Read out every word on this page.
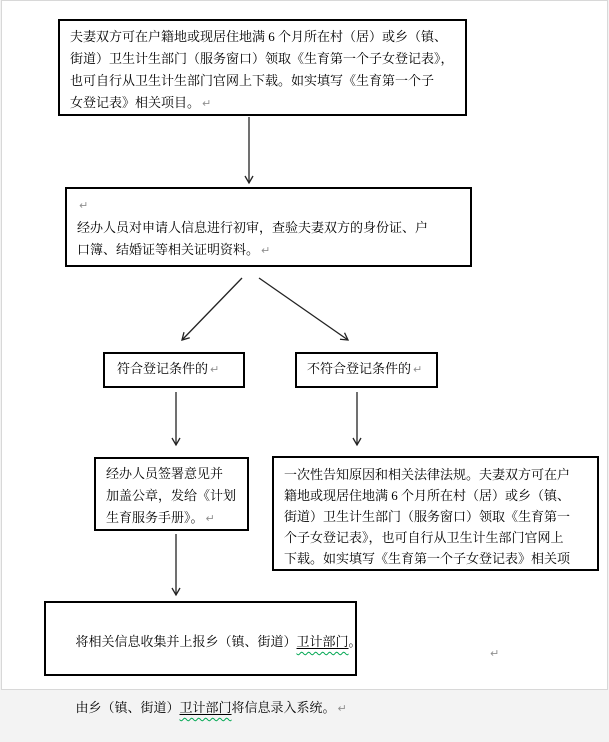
夫妻双方可在户籍地或现居住地满 6 个月所在村（居）或乡（镇、
街道）卫生计生部门（服务窗口）领取《生育第一个子女登记表》，
也可自行从卫生计生部门官网上下载。如实填写《生育第一个子
女登记表》相关项目。 ↵
↵
经办人员对申请人信息进行初审，查验夫妻双方的身份证、户
口簿、结婚证等相关证明资料。 ↵
符合登记条件的 ↵	不符合登记条件的 ↵
经办人员签署意见并
加盖公章，发给《计划
生育服务手册》。 ↵
一次性告知原因和相关法律法规。夫妻双方可在户
籍地或现居住地满 6 个月所在村（居）或乡（镇、
街道）卫生计生部门（服务窗口）领取《生育第一
个子女登记表》，也可自行从卫生计生部门官网上
下载。如实填写《生育第一个子女登记表》相关项

将相关信息收集并上报乡（镇、街道）卫计部门。

由乡（镇、街道）卫计部门将信息录入系统。 ↵

↵
